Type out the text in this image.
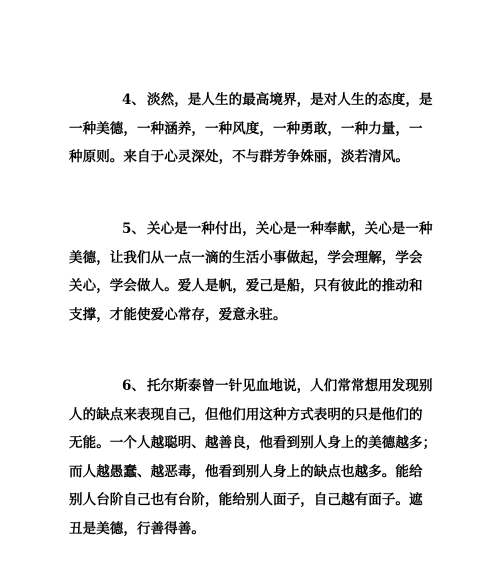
4、 淡然，是人生的最高境界，是对人生的态度，是
一种美德，一种涵养，一种风度，一种勇敢，一种力量，一
种原则。来自于心灵深处，不与群芳争姝丽，淡若清风。

5、 关心是一种付出，关心是一种奉献，关心是一种
美德，让我们从一点一滴的生活小事做起，学会理解，学会
关心，学会做人。爱人是帆，爱己是船，只有彼此的推动和
支撑，才能使爱心常存，爱意永驻。

6、 托尔斯泰曾一针见血地说，人们常常想用发现别
人的缺点来表现自己，但他们用这种方式表明的只是他们的
无能。一个人越聪明、越善良，他看到别人身上的美德越多；
而人越愚蠢、越恶毒，他看到别人身上的缺点也越多。能给
别人台阶自己也有台阶，能给别人面子，自己越有面子。遮
丑是美德，行善得善。
